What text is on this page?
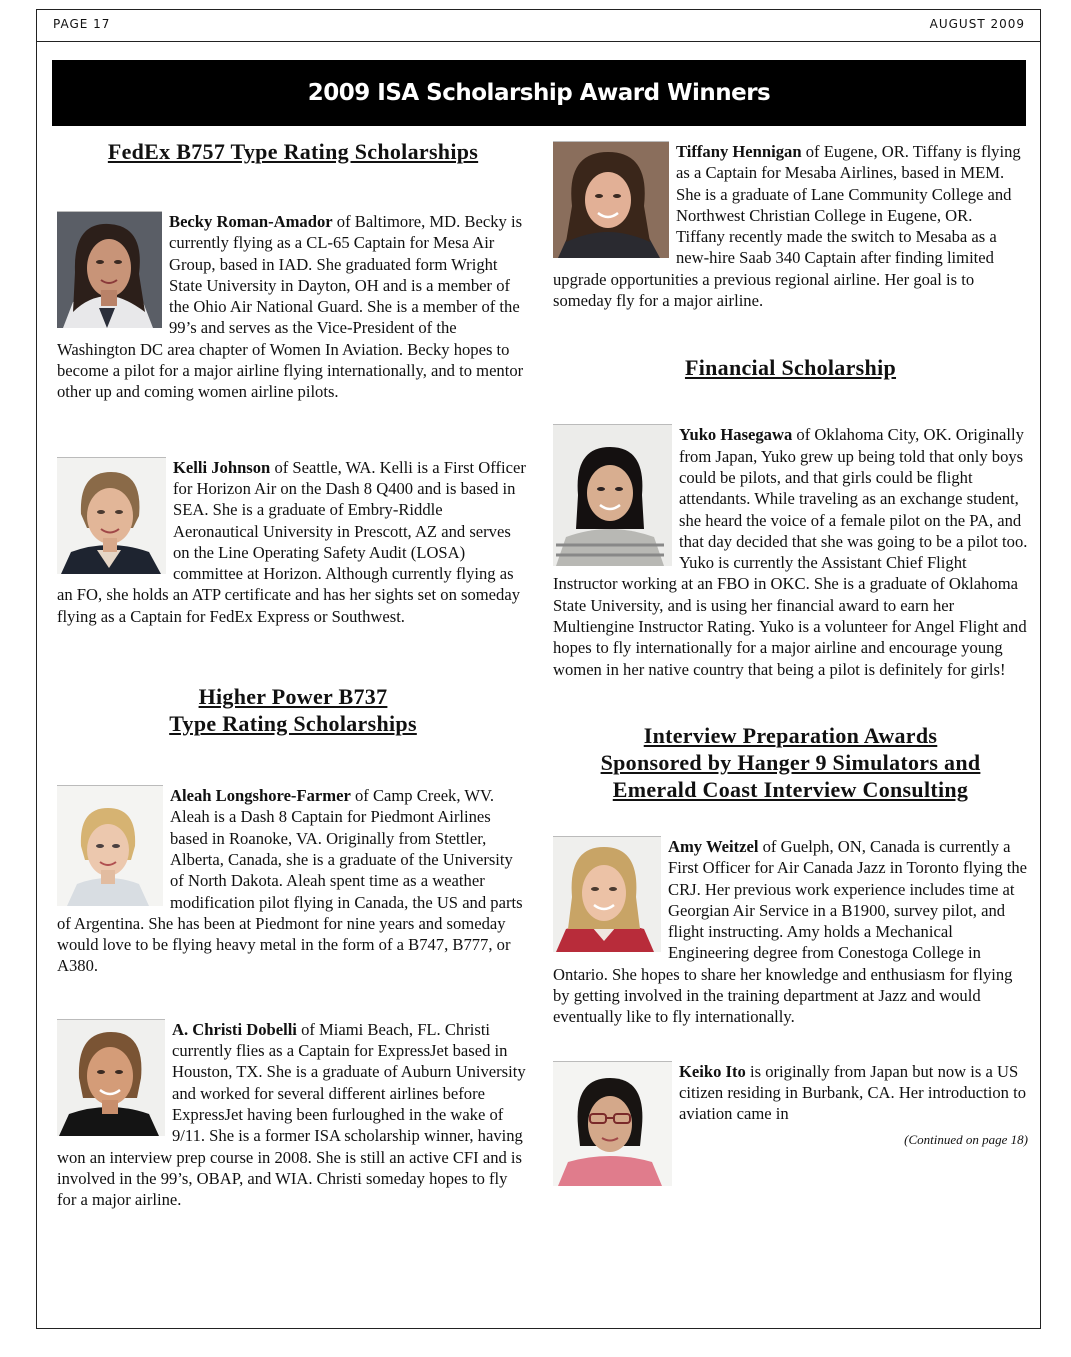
PAGE 17	AUGUST 2009
2009 ISA Scholarship Award Winners
FedEx B757 Type Rating Scholarships

Becky Roman-Amador of Baltimore, MD. Becky is currently flying as a CL-65 Captain for Mesa Air Group, based in IAD. She graduated form Wright State University in Dayton, OH and is a member of the Ohio Air National Guard. She is a member of the 99’s and serves as the Vice-President of the Washington DC area chapter of Women In Aviation. Becky hopes to become a pilot for a major airline flying internationally, and to mentor other up and coming women airline pilots.

Kelli Johnson of Seattle, WA. Kelli is a First Officer for Horizon Air on the Dash 8 Q400 and is based in SEA. She is a graduate of Embry-Riddle Aeronautical University in Prescott, AZ and serves on the Line Operating Safety Audit (LOSA) committee at Horizon. Although currently flying as an FO, she holds an ATP certificate and has her sights set on someday flying as a Captain for FedEx Express or Southwest.

Higher Power B737
Type Rating Scholarships

Aleah Longshore-Farmer of Camp Creek, WV. Aleah is a Dash 8 Captain for Piedmont Airlines based in Roanoke, VA. Originally from Stettler, Alberta, Canada, she is a graduate of the University of North Dakota. Aleah spent time as a weather modification pilot flying in Canada, the US and parts of Argentina. She has been at Piedmont for nine years and someday would love to be flying heavy metal in the form of a B747, B777, or A380.

A. Christi Dobelli of Miami Beach, FL. Christi currently flies as a Captain for ExpressJet based in Houston, TX. She is a graduate of Auburn University and worked for several different airlines before ExpressJet having been furloughed in the wake of 9/11. She is a former ISA scholarship winner, having won an interview prep course in 2008. She is still an active CFI and is involved in the 99’s, OBAP, and WIA. Christi someday hopes to fly for a major airline.

Tiffany Hennigan of Eugene, OR. Tiffany is flying as a Captain for Mesaba Airlines, based in MEM. She is a graduate of Lane Community College and Northwest Christian College in Eugene, OR. Tiffany recently made the switch to Mesaba as a new-hire Saab 340 Captain after finding limited upgrade opportunities a previous regional airline. Her goal is to someday fly for a major airline.

Financial Scholarship

Yuko Hasegawa of Oklahoma City, OK. Originally from Japan, Yuko grew up being told that only boys could be pilots, and that girls could be flight attendants. While traveling as an exchange student, she heard the voice of a female pilot on the PA, and that day decided that she was going to be a pilot too. Yuko is currently the Assistant Chief Flight Instructor working at an FBO in OKC. She is a graduate of Oklahoma State University, and is using her financial award to earn her Multiengine Instructor Rating. Yuko is a volunteer for Angel Flight and hopes to fly internationally for a major airline and encourage young women in her native country that being a pilot is definitely for girls!

Interview Preparation Awards
Sponsored by Hanger 9 Simulators and
Emerald Coast Interview Consulting

Amy Weitzel of Guelph, ON, Canada is currently a First Officer for Air Canada Jazz in Toronto flying the CRJ. Her previous work experience includes time at Georgian Air Service in a B1900, survey pilot, and flight instructing. Amy holds a Mechanical Engineering degree from Conestoga College in Ontario. She hopes to share her knowledge and enthusiasm for flying by getting involved in the training department at Jazz and would eventually like to fly internationally.

Keiko Ito is originally from Japan but now is a US citizen residing in Burbank, CA. Her introduction to aviation came in

(Continued on page 18)
